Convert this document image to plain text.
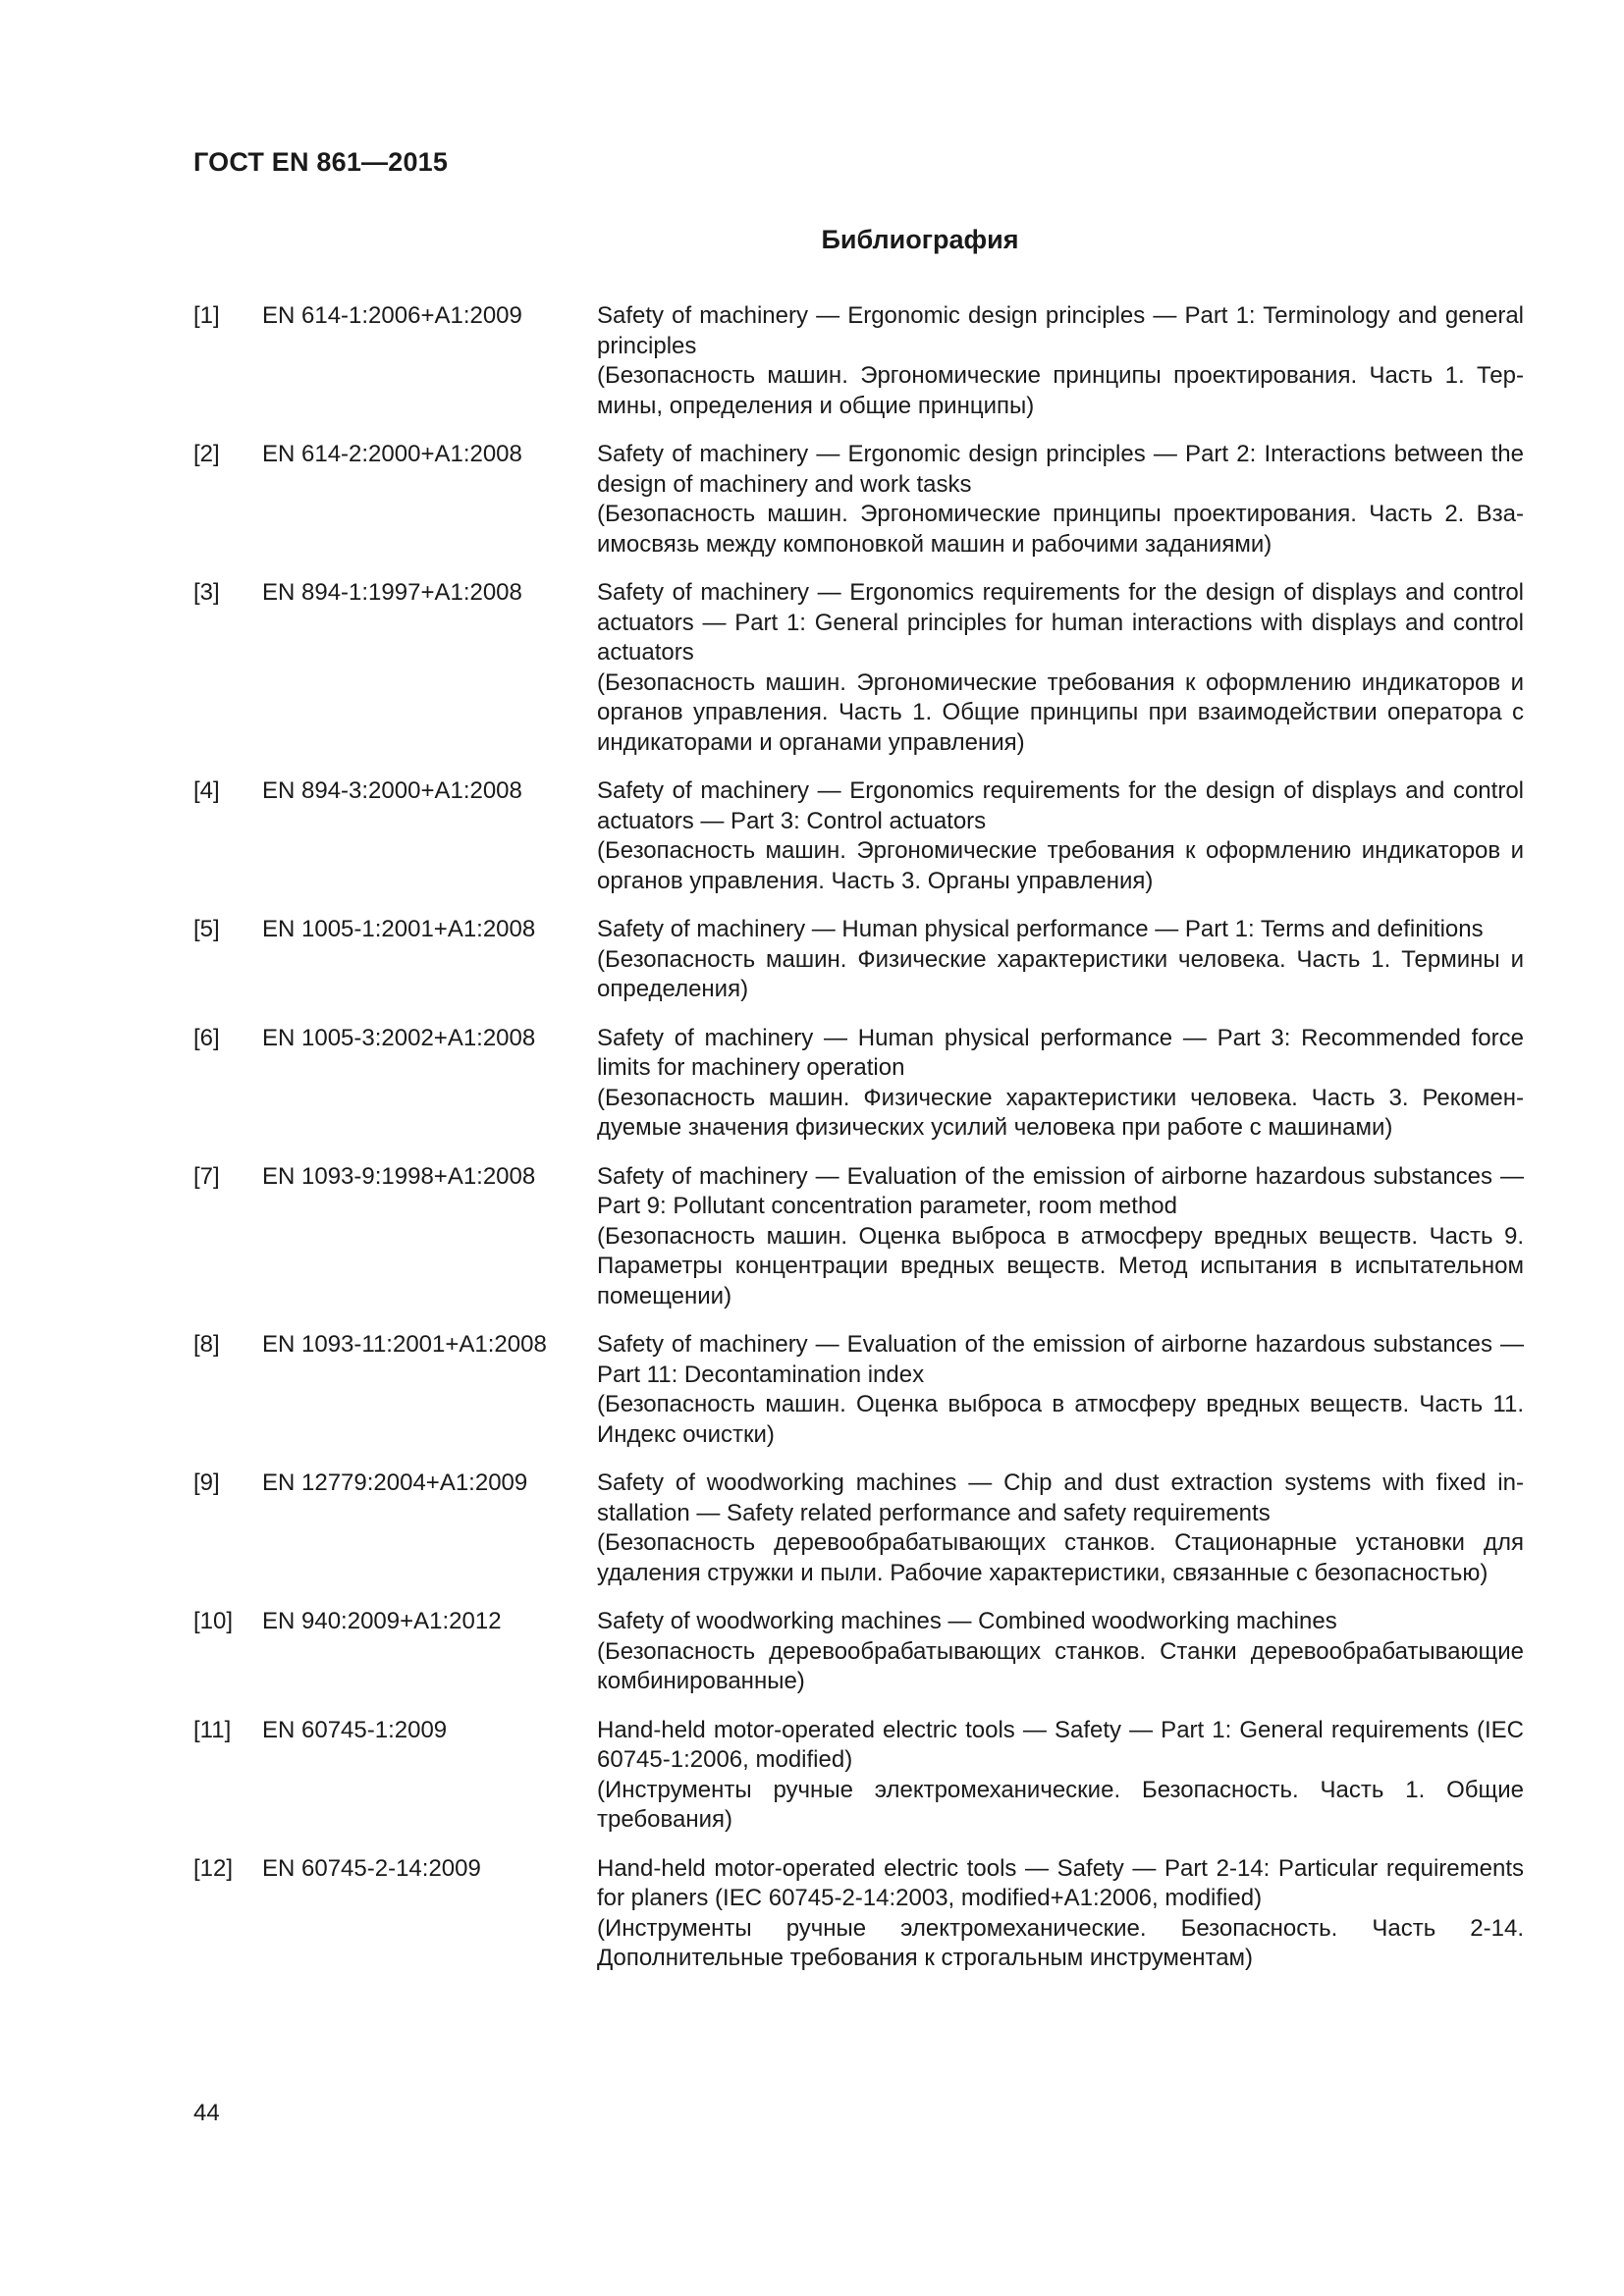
ГОСТ EN 861—2015
Библиография
[1] EN 614-1:2006+A1:2009	Safety of machinery — Ergonomic design principles — Part 1: Terminology and general principles
(Безопасность машин. Эргономические принципы проектирования. Часть 1. Термины, определения и общие принципы)
[2] EN 614-2:2000+A1:2008	Safety of machinery — Ergonomic design principles — Part 2: Interactions between the design of machinery and work tasks
(Безопасность машин. Эргономические принципы проектирования. Часть 2. Взаимосвязь между компоновкой машин и рабочими заданиями)
[3] EN 894-1:1997+A1:2008	Safety of machinery — Ergonomics requirements for the design of displays and control actuators — Part 1: General principles for human interactions with displays and control actuators
(Безопасность машин. Эргономические требования к оформлению индикаторов и органов управления. Часть 1. Общие принципы при взаимодействии оператора с индикаторами и органами управления)
[4] EN 894-3:2000+A1:2008	Safety of machinery — Ergonomics requirements for the design of displays and control actuators — Part 3: Control actuators
(Безопасность машин. Эргономические требования к оформлению индикаторов и органов управления. Часть 3. Органы управления)
[5] EN 1005-1:2001+A1:2008	Safety of machinery — Human physical performance — Part 1: Terms and definitions
(Безопасность машин. Физические характеристики человека. Часть 1. Термины и определения)
[6] EN 1005-3:2002+A1:2008	Safety of machinery — Human physical performance — Part 3: Recommended force limits for machinery operation
(Безопасность машин. Физические характеристики человека. Часть 3. Рекомендуемые значения физических усилий человека при работе с машинами)
[7] EN 1093-9:1998+A1:2008	Safety of machinery — Evaluation of the emission of airborne hazardous substances — Part 9: Pollutant concentration parameter, room method
(Безопасность машин. Оценка выброса в атмосферу вредных веществ. Часть 9. Параметры концентрации вредных веществ. Метод испытания в испытательном помещении)
[8] EN 1093-11:2001+A1:2008 Safety of machinery — Evaluation of the emission of airborne hazardous substances — Part 11: Decontamination index
(Безопасность машин. Оценка выброса в атмосферу вредных веществ. Часть 11. Индекс очистки)
[9] EN 12779:2004+A1:2009	Safety of woodworking machines — Chip and dust extraction systems with fixed installation — Safety related performance and safety requirements
(Безопасность деревообрабатывающих станков. Стационарные установки для удаления стружки и пыли. Рабочие характеристики, связанные с безопасностью)
[10] EN 940:2009+A1:2012	Safety of woodworking machines — Combined woodworking machines
(Безопасность деревообрабатывающих станков. Станки деревообрабатывающие комбинированные)
[11] EN 60745-1:2009	Hand-held motor-operated electric tools — Safety — Part 1: General requirements (IEC 60745-1:2006, modified)
(Инструменты ручные электромеханические. Безопасность. Часть 1. Общие требования)
[12] EN 60745-2-14:2009	Hand-held motor-operated electric tools — Safety — Part 2-14: Particular requirements for planers (IEC 60745-2-14:2003, modified+A1:2006, modified)
(Инструменты ручные электромеханические. Безопасность. Часть 2-14. Дополнительные требования к строгальным инструментам)
44
